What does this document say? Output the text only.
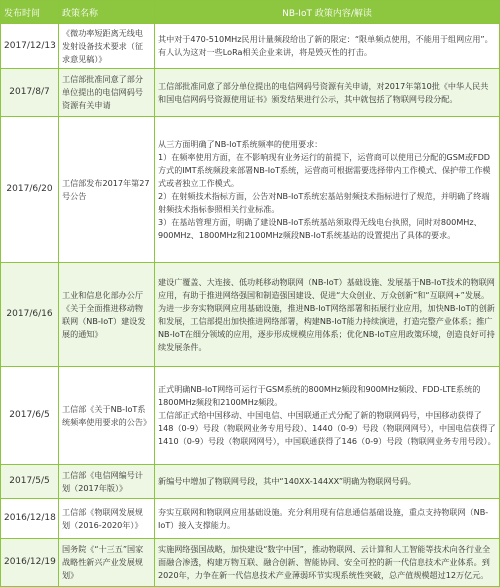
发布时间	政策名称	NB-IoT 政策内容/解读
2017/12/13	《微功率短距离无线电发射设备技术要求（征求意见稿）》	其中对于470-510MHz民用计量频段给出了新的限定：“限单频点使用，不能用于组网应用”。有人认为这对一些LoRa相关企业来讲，将是毁灭性的打击。

2017/8/7	工信部批准同意了部分单位提出的电信网码号资源有关申请	工信部批准同意了部分单位提出的电信网码号资源有关申请，对2017年第10批《中华人民共和国电信网码号资源使用证书》颁发结果进行公示，其中就包括了物联网号段分配。

2017/6/20	工信部发布2017年第27号公告	从三方面明确了NB-IoT系统频率的使用要求：

1）在频率使用方面，在不影响现有业务运行的前提下，运营商可以使用已分配的GSM或FDD方式的IMT系统频段来部署NB-IoT系统，运营商可根据需要选择带内工作模式、保护带工作模式或者独立工作模式。

2）在射频技术指标方面，公告对NB-IoT系统宏基站射频技术指标进行了规范，并明确了终端射频技术指标参照相关行业标准。

3）在基站管理方面，明确了建设NB-IoT系统基站须取得无线电台执照，同时对800MHz、900MHz、1800MHz和2100MHz频段NB-IoT系统基站的设置提出了具体的要求。

2017/6/16	工业和信息化部办公厅《关于全面推进移动物联网（NB-IoT）建设发展的通知》	建设广覆盖、大连接、低功耗移动物联网（NB-IoT）基础设施、发展基于NB-IoT技术的物联网应用，有助于推进网络强国和制造强国建设、促进“大众创业、万众创新”和“互联网+”发展。

为进一步夯实物联网应用基础设施，推进NB-IoT网络部署和拓展行业应用，加快NB-IoT的创新和发展，工信部提出加快推进网络部署，构建NB-IoT能力持续演进，打造完整产业体系；推广NB-IoT在细分领域的应用，逐步形成规模应用体系；优化NB-IoT应用政策环境，创造良好可持续发展条件。

2017/6/5	工信部《关于NB-IoT系统频率使用要求的公告》	正式明确NB-IoT网络可运行于GSM系统的800MHz频段和900MHz频段、FDD-LTE系统的1800MHz频段和2100MHz频段。

工信部正式给中国移动、中国电信、中国联通正式分配了新的物联网码号，中国移动获得了148（0-9）号段（物联网业务专用号段）、1440（0-9）号段（物联网网号），中国电信获得了1410（0-9）号段（物联网网号），中国联通获得了146（0-9）号段（物联网业务专用号段）。

2017/5/5	工信部《电信网编号计划（2017年版）》	新编号中增加了物联网号段，其中“140XX-144XX”明确为物联网号码。

2016/12/18	工信部《物联网发展规划（2016-2020年）》	夯实互联网和物联网应用基础设施。充分利用现有信息通信基础设施，重点支持物联网（NB-IoT）接入支撑能力。

2016/12/19	国务院《“十三五”国家战略性新兴产业发展规划》	实施网络强国战略，加快建设“数字中国”，推动物联网、云计算和人工智能等技术向各行业全面融合渗透，构建万物互联、融合创新、智能协同、安全可控的新一代信息技术产业体系。到2020年，力争在新一代信息技术产业薄弱环节实现系统性突破，总产值规模超过12万亿元。
